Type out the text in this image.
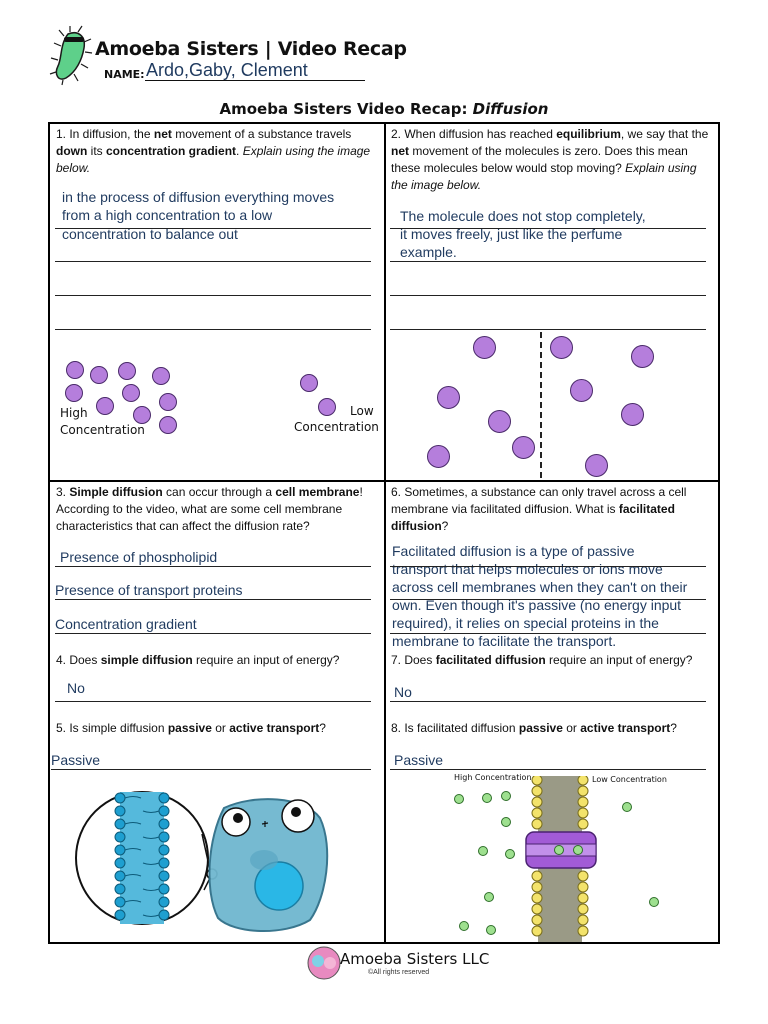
Amoeba Sisters | Video Recap
NAME: Ardo,Gaby, Clement
Amoeba Sisters Video Recap: Diffusion
1. In diffusion, the net movement of a substance travels down its concentration gradient. Explain using the image below.
in the process of diffusion everything moves
from a high concentration to a low
concentration to balance out
High
Concentration
Low
Concentration
2. When diffusion has reached equilibrium, we say that the net movement of the molecules is zero. Does this mean these molecules below would stop moving? Explain using the image below.
The molecule does not stop completely,
it moves freely, just like the perfume
example.
3. Simple diffusion can occur through a cell membrane! According to the video, what are some cell membrane characteristics that can affect the diffusion rate?
Presence of phospholipid
Presence of transport proteins
Concentration gradient
4. Does simple diffusion require an input of energy?
No
5. Is simple diffusion passive or active transport?
Passive
6. Sometimes, a substance can only travel across a cell membrane via facilitated diffusion. What is facilitated diffusion?
Facilitated diffusion is a type of passive
transport that helps molecules or ions move
across cell membranes when they can't on their
own. Even though it's passive (no energy input
required), it relies on special proteins in the
membrane to facilitate the transport.
7. Does facilitated diffusion require an input of energy?
No
8. Is facilitated diffusion passive or active transport?
Passive
High Concentration	Low Concentration
Amoeba Sisters LLC
©All rights reserved
